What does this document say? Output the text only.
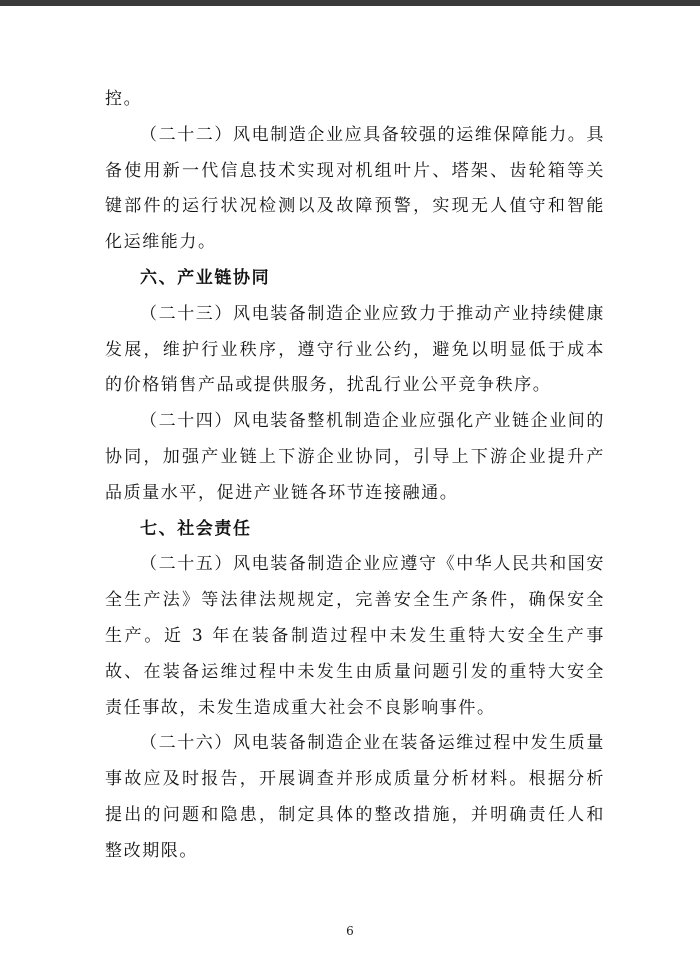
控。

（二十二）风电制造企业应具备较强的运维保障能力。具备使用新一代信息技术实现对机组叶片、塔架、齿轮箱等关键部件的运行状况检测以及故障预警，实现无人值守和智能化运维能力。

六、产业链协同

（二十三）风电装备制造企业应致力于推动产业持续健康发展，维护行业秩序，遵守行业公约，避免以明显低于成本的价格销售产品或提供服务，扰乱行业公平竞争秩序。

（二十四）风电装备整机制造企业应强化产业链企业间的协同，加强产业链上下游企业协同，引导上下游企业提升产品质量水平，促进产业链各环节连接融通。

七、社会责任

（二十五）风电装备制造企业应遵守《中华人民共和国安全生产法》等法律法规规定，完善安全生产条件，确保安全生产。近 3 年在装备制造过程中未发生重特大安全生产事故、在装备运维过程中未发生由质量问题引发的重特大安全责任事故，未发生造成重大社会不良影响事件。

（二十六）风电装备制造企业在装备运维过程中发生质量事故应及时报告，开展调查并形成质量分析材料。根据分析提出的问题和隐患，制定具体的整改措施，并明确责任人和整改期限。

6
